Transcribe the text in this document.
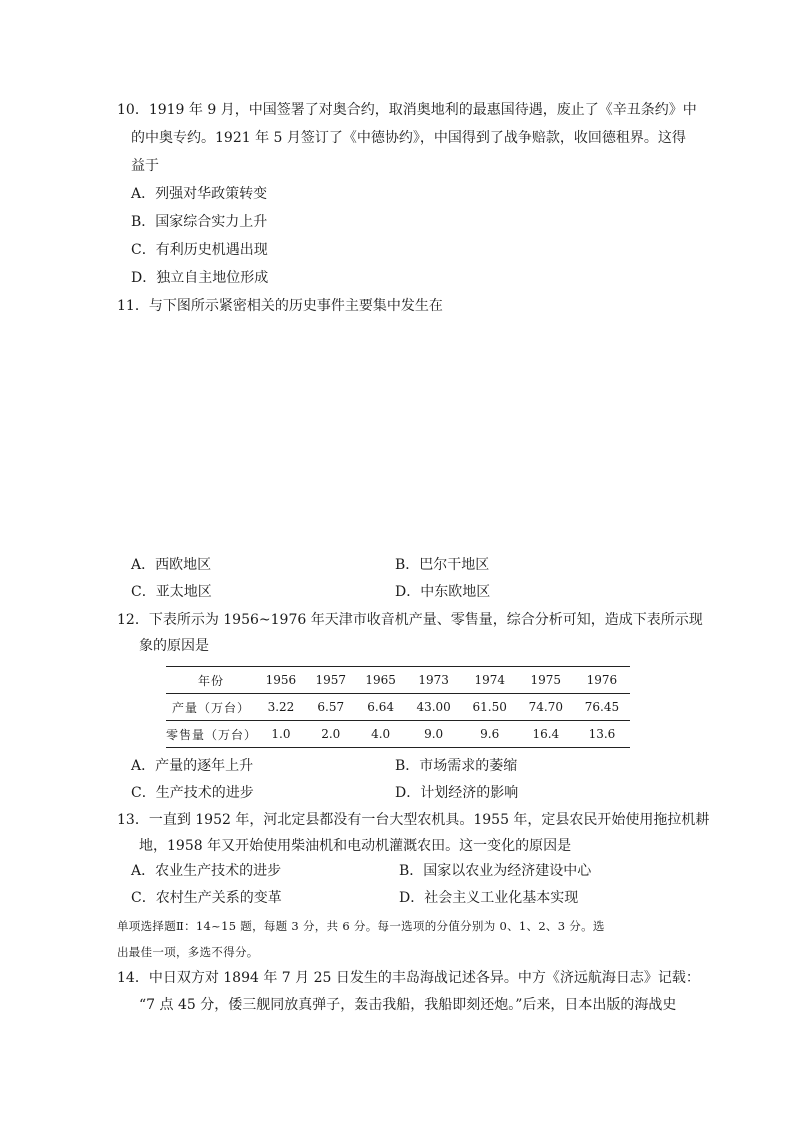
10．1919 年 9 月，中国签署了对奥合约，取消奥地利的最惠国待遇，废止了《辛丑条约》中
的中奥专约。1921 年 5 月签订了《中德协约》，中国得到了战争赔款，收回德租界。这得
益于
A．列强对华政策转变
B．国家综合实力上升
C．有利历史机遇出现
D．独立自主地位形成
11．与下图所示紧密相关的历史事件主要集中发生在
A．西欧地区	B．巴尔干地区
C．亚太地区	D．中东欧地区
12．下表所示为 1956~1976 年天津市收音机产量、零售量，综合分析可知，造成下表所示现
象的原因是
年份	1956	1957	1965	1973	1974	1975	1976
产量（万台）	3.22	6.57	6.64	43.00	61.50	74.70	76.45
零售量（万台）	1.0	2.0	4.0	9.0	9.6	16.4	13.6
A．产量的逐年上升	B．市场需求的萎缩
C．生产技术的进步	D．计划经济的影响
13．一直到 1952 年，河北定县都没有一台大型农机具。1955 年，定县农民开始使用拖拉机耕
地，1958 年又开始使用柴油机和电动机灌溉农田。这一变化的原因是
A．农业生产技术的进步	B．国家以农业为经济建设中心
C．农村生产关系的变革	D．社会主义工业化基本实现
单项选择题Ⅱ：14~15 题，每题 3 分，共 6 分。每一选项的分值分别为 0、1、2、3 分。选
出最佳一项，多选不得分。
14．中日双方对 1894 年 7 月 25 日发生的丰岛海战记述各异。中方《济远航海日志》记载：
“7 点 45 分，倭三舰同放真弹子，轰击我船，我船即刻还炮。”后来，日本出版的海战史
